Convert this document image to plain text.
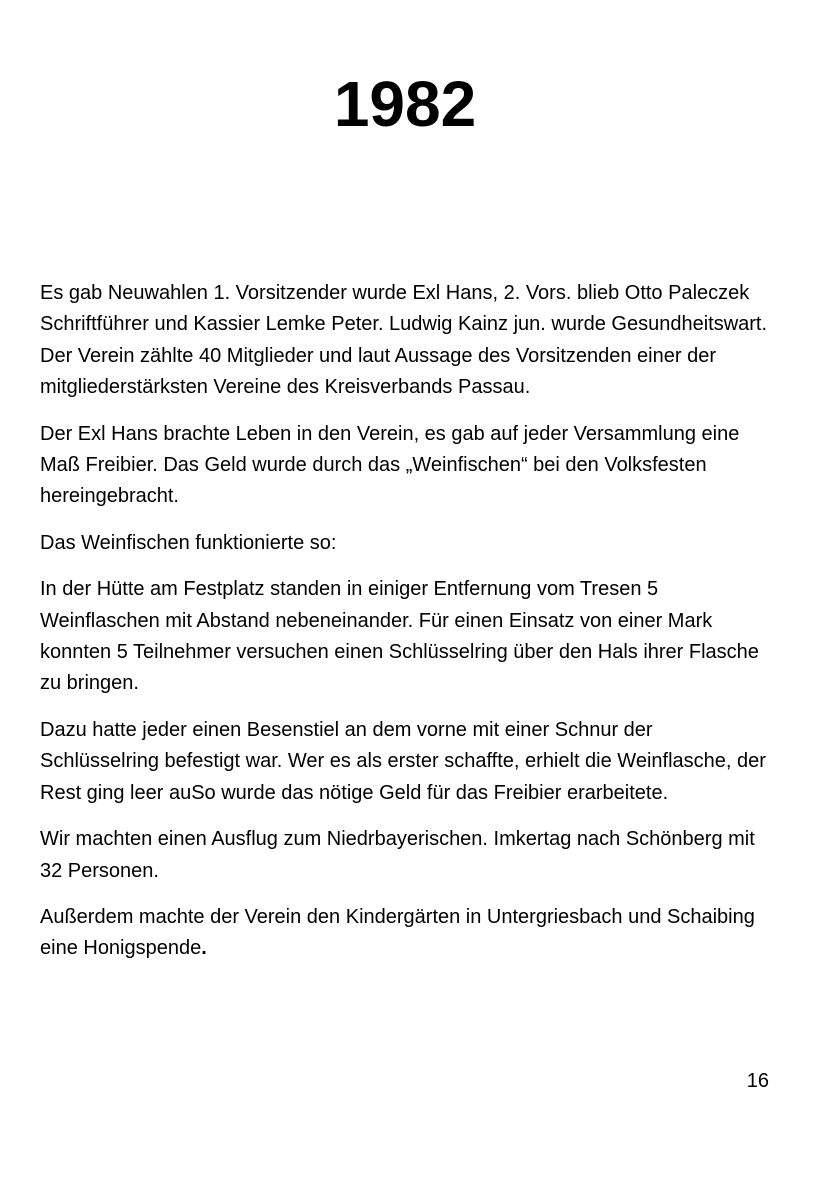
1982

Es gab Neuwahlen 1. Vorsitzender wurde Exl Hans, 2. Vors. blieb Otto Paleczek Schriftführer und Kassier Lemke Peter. Ludwig Kainz jun. wurde Gesundheitswart. Der Verein zählte 40 Mitglieder und laut Aussage des Vorsitzenden einer der mitgliederstärksten Vereine des Kreisverbands Passau.

Der Exl Hans brachte Leben in den Verein, es gab auf jeder Versammlung eine Maß Freibier. Das Geld wurde durch das „Weinfischen“ bei den Volksfesten hereingebracht.

Das Weinfischen funktionierte so:

In der Hütte am Festplatz standen in einiger Entfernung vom Tresen 5 Weinflaschen mit Abstand nebeneinander. Für einen Einsatz von einer Mark konnten 5 Teilnehmer versuchen einen Schlüsselring über den Hals ihrer Flasche zu bringen.

Dazu hatte jeder einen Besenstiel an dem vorne mit einer Schnur der Schlüsselring befestigt war. Wer es als erster schaffte, erhielt die Weinflasche, der Rest ging leer auSo wurde das nötige Geld für das Freibier erarbeitete.

Wir machten einen Ausflug zum Niedrbayerischen. Imkertag nach Schönberg mit 32 Personen.

Außerdem machte der Verein den Kindergärten in Untergriesbach und Schaibing eine Honigspende.

16
